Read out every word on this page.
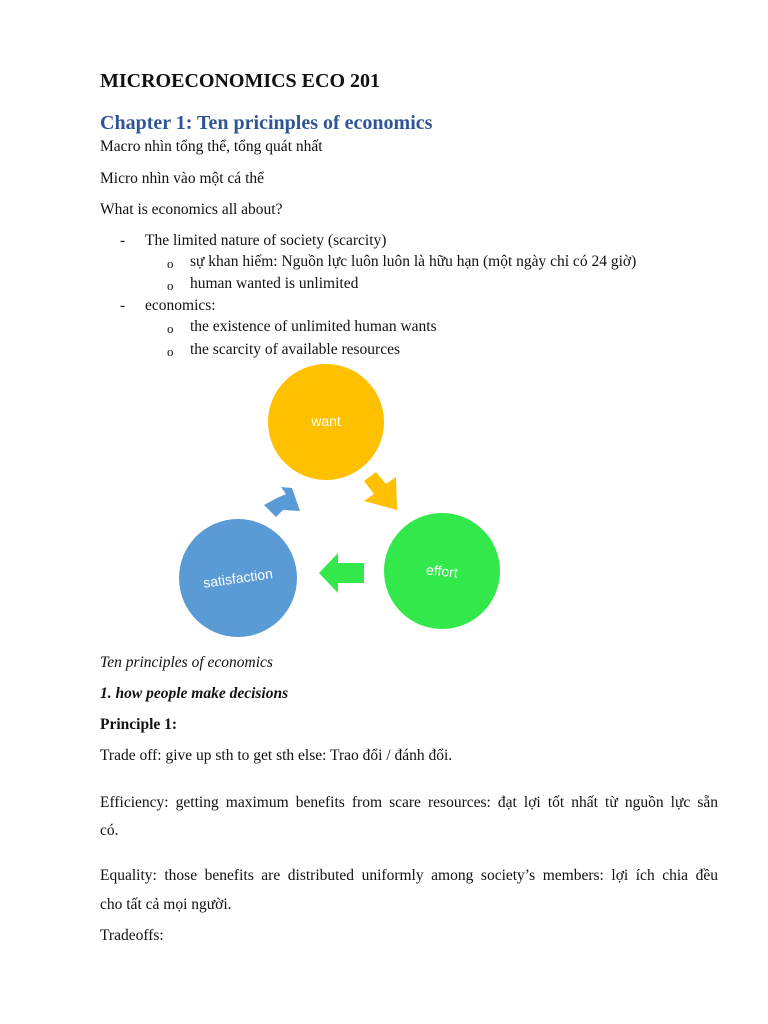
MICROECONOMICS ECO 201
Chapter 1: Ten pricinples of economics
Macro nhìn tổng thể, tổng quát nhất
Micro nhìn vào một cá thể
What is economics all about?
- The limited nature of society (scarcity)
o sự khan hiếm: Nguồn lực luôn luôn là hữu hạn (một ngày chỉ có 24 giờ)
o human wanted is unlimited
- economics:
o the existence of unlimited human wants
o the scarcity of available resources
want
effort
satisfaction
Ten principles of economics
1. how people make decisions
Principle 1:
Trade off: give up sth to get sth else: Trao đổi / đánh đổi.
Efficiency: getting maximum benefits from scare resources: đạt lợi tốt nhất từ nguồn lực sẵn
có.
Equality: those benefits are distributed uniformly among society’s members: lợi ích chia đều
cho tất cả mọi người.
Tradeoffs:
